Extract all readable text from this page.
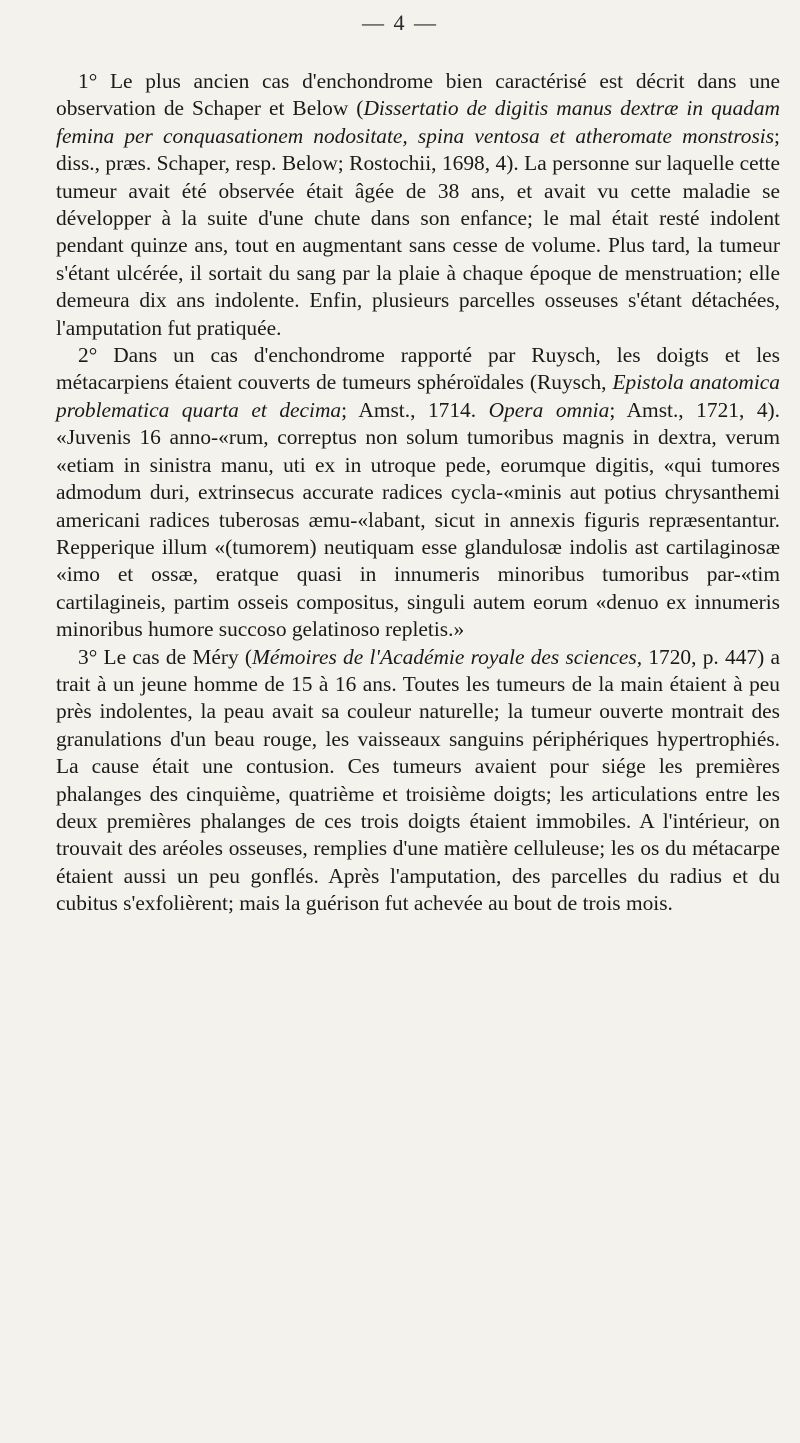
— 4 —

1° Le plus ancien cas d'enchondrome bien caractérisé est décrit dans une observation de Schaper et Below (Dissertatio de digitis manus dextræ in quadam femina per conquasationem nodositate, spina ventosa et atheromate monstrosis; diss., præs. Schaper, resp. Below; Rostochii, 1698, 4). La personne sur laquelle cette tumeur avait été observée était âgée de 38 ans, et avait vu cette maladie se développer à la suite d'une chute dans son enfance; le mal était resté indolent pendant quinze ans, tout en augmentant sans cesse de volume. Plus tard, la tumeur s'étant ulcérée, il sortait du sang par la plaie à chaque époque de menstruation; elle demeura dix ans indolente. Enfin, plusieurs parcelles osseuses s'étant détachées, l'amputation fut pratiquée.

2° Dans un cas d'enchondrome rapporté par Ruysch, les doigts et les métacarpiens étaient couverts de tumeurs sphéroïdales (Ruysch, Epistola anatomica problematica quarta et decima; Amst., 1714. Opera omnia; Amst., 1721, 4). «Juvenis 16 anno-«rum, correptus non solum tumoribus magnis in dextra, verum «etiam in sinistra manu, uti ex in utroque pede, eorumque digitis, «qui tumores admodum duri, extrinsecus accurate radices cycla-«minis aut potius chrysanthemi americani radices tuberosas æmu-«labant, sicut in annexis figuris repræsentantur. Repperique illum «(tumorem) neutiquam esse glandulosæ indolis ast cartilaginosæ «imo et ossæ, eratque quasi in innumeris minoribus tumoribus par-«tim cartilagineis, partim osseis compositus, singuli autem eorum «denuo ex innumeris minoribus humore succoso gelatinoso repletis.»

3° Le cas de Méry (Mémoires de l'Académie royale des sciences, 1720, p. 447) a trait à un jeune homme de 15 à 16 ans. Toutes les tumeurs de la main étaient à peu près indolentes, la peau avait sa couleur naturelle; la tumeur ouverte montrait des granulations d'un beau rouge, les vaisseaux sanguins périphériques hypertrophiés. La cause était une contusion. Ces tumeurs avaient pour siége les premières phalanges des cinquième, quatrième et troisième doigts; les articulations entre les deux premières phalanges de ces trois doigts étaient immobiles. A l'intérieur, on trouvait des aréoles osseuses, remplies d'une matière celluleuse; les os du métacarpe étaient aussi un peu gonflés. Après l'amputation, des parcelles du radius et du cubitus s'exfolièrent; mais la guérison fut achevée au bout de trois mois.
